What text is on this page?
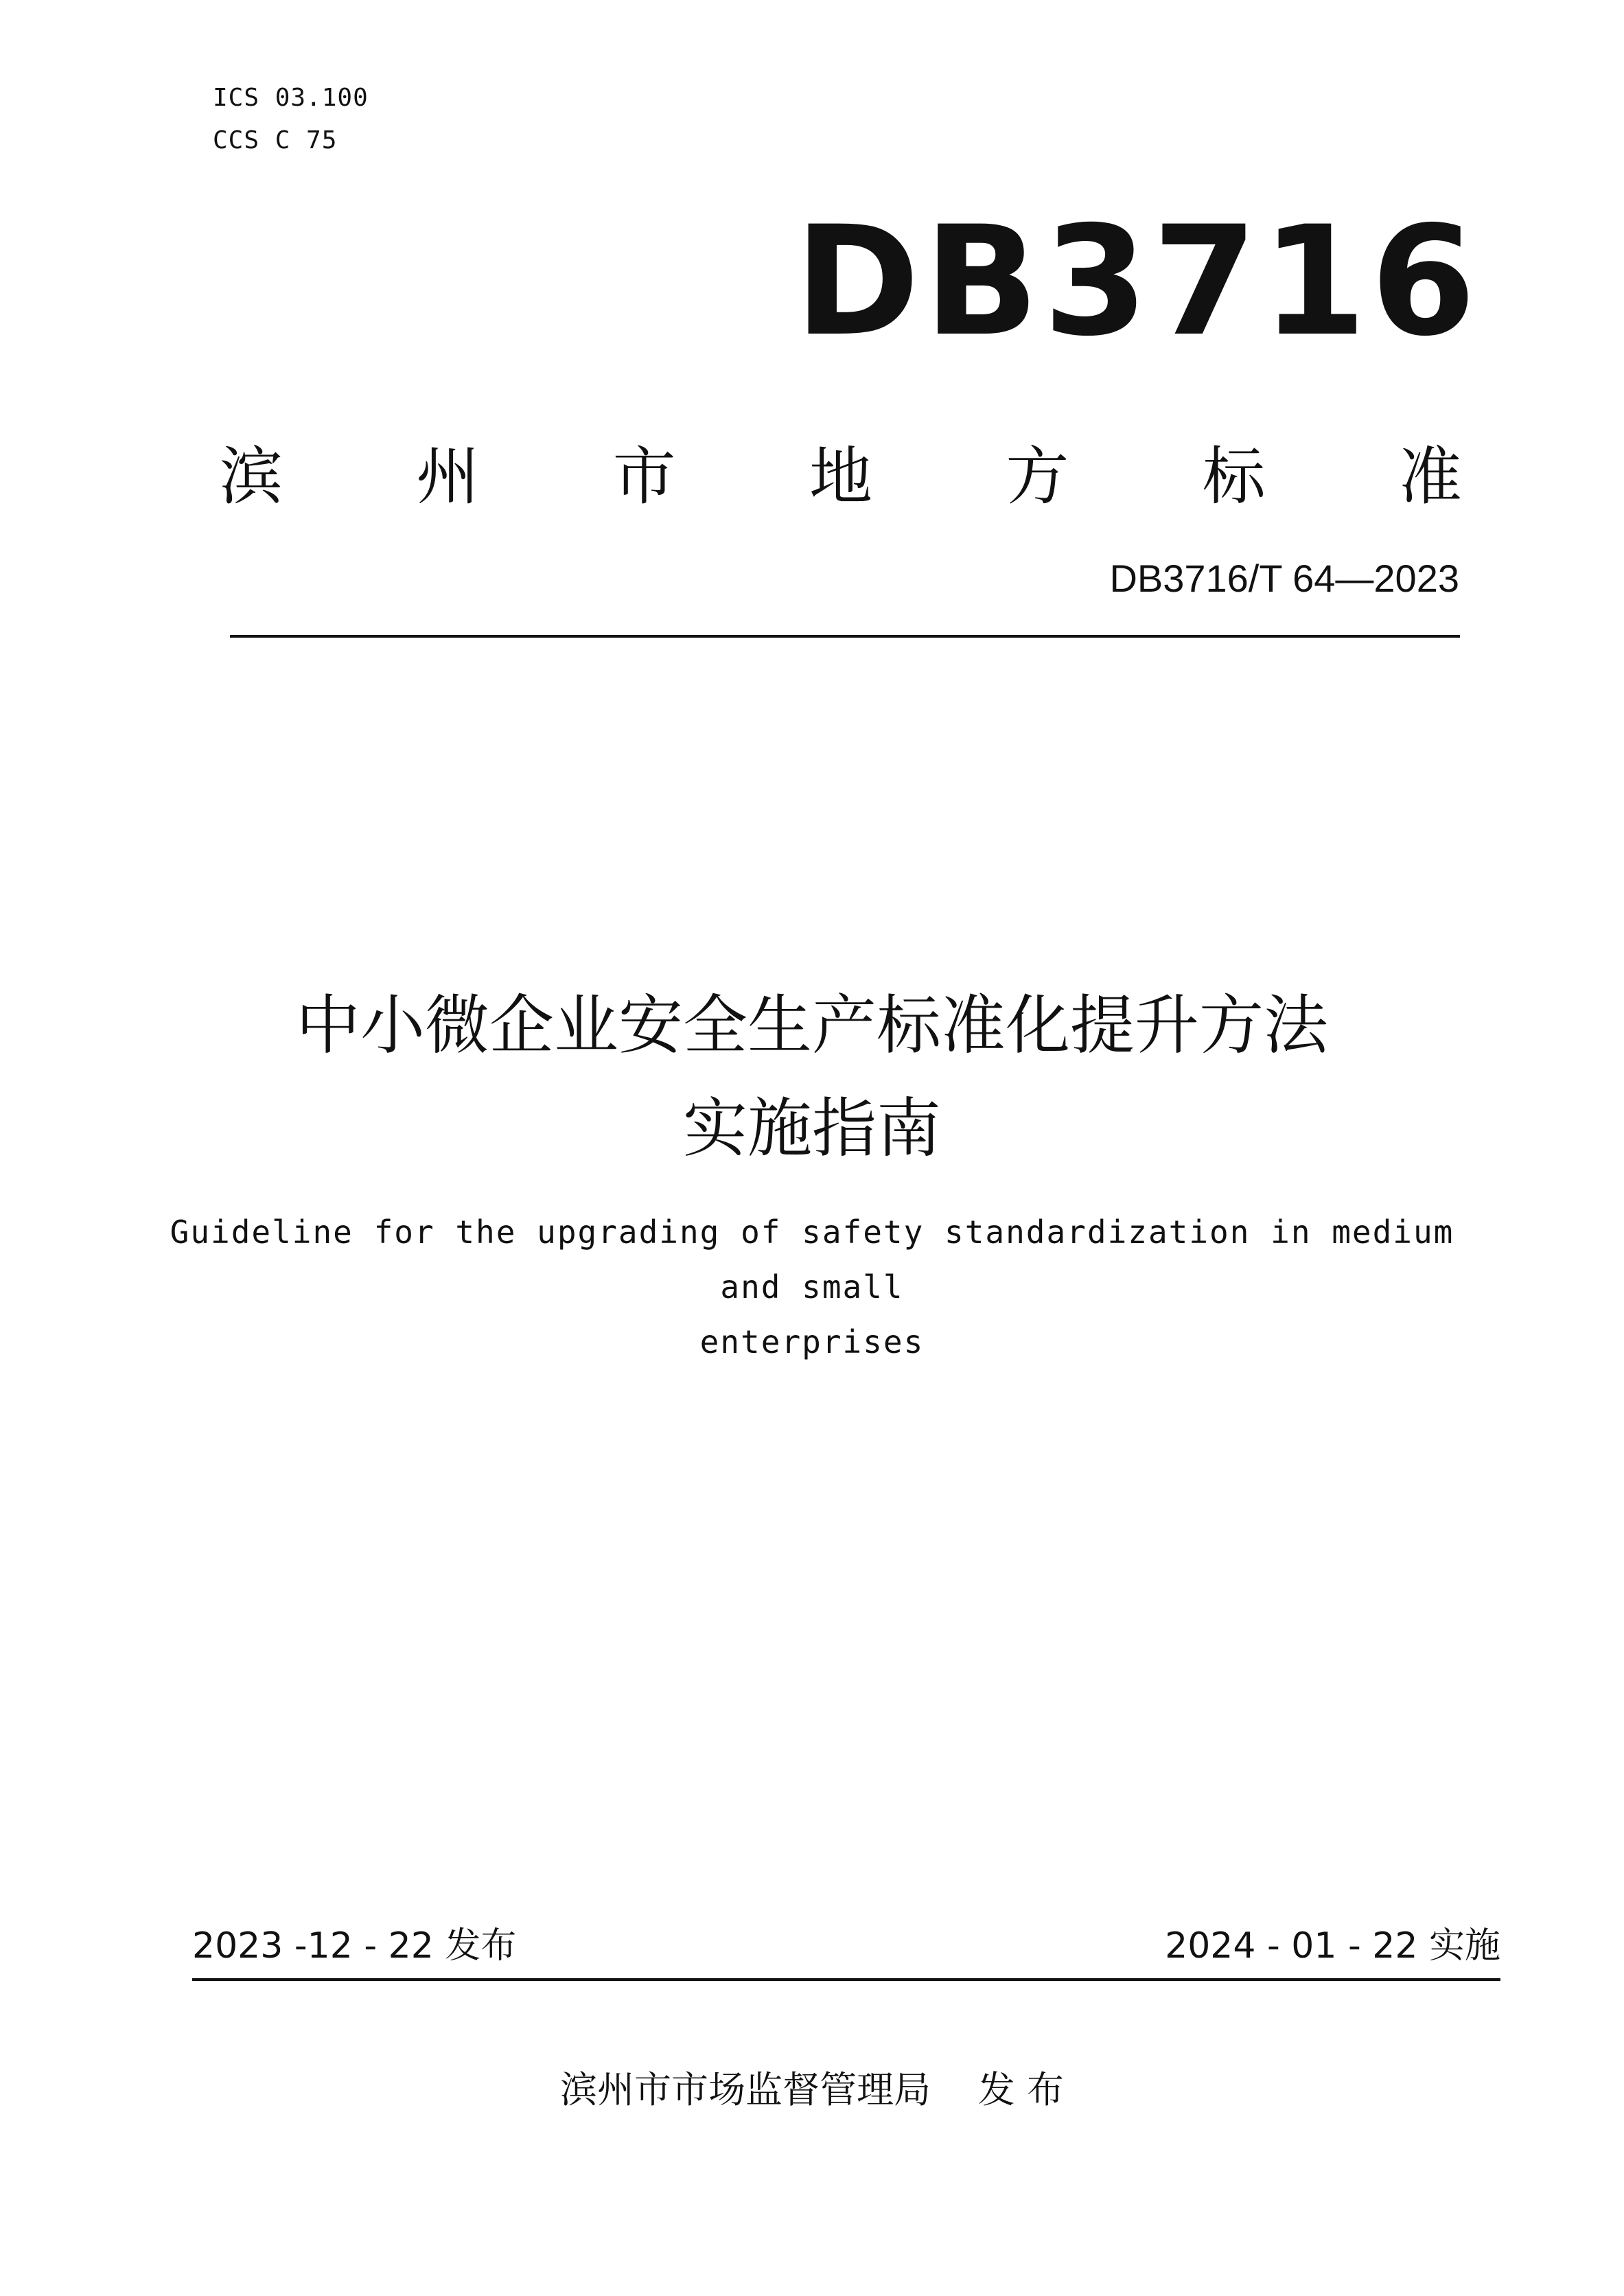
ICS 03.100
CCS C 75
DB3716
滨 州 市 地 方 标 准
DB3716/T 64—2023
中小微企业安全生产标准化提升方法
实施指南
Guideline for the upgrading of safety standardization in medium and small
enterprises
2023 -12 - 22 发布	2024 - 01 - 22 实施
滨州市市场监督管理局    发 布
